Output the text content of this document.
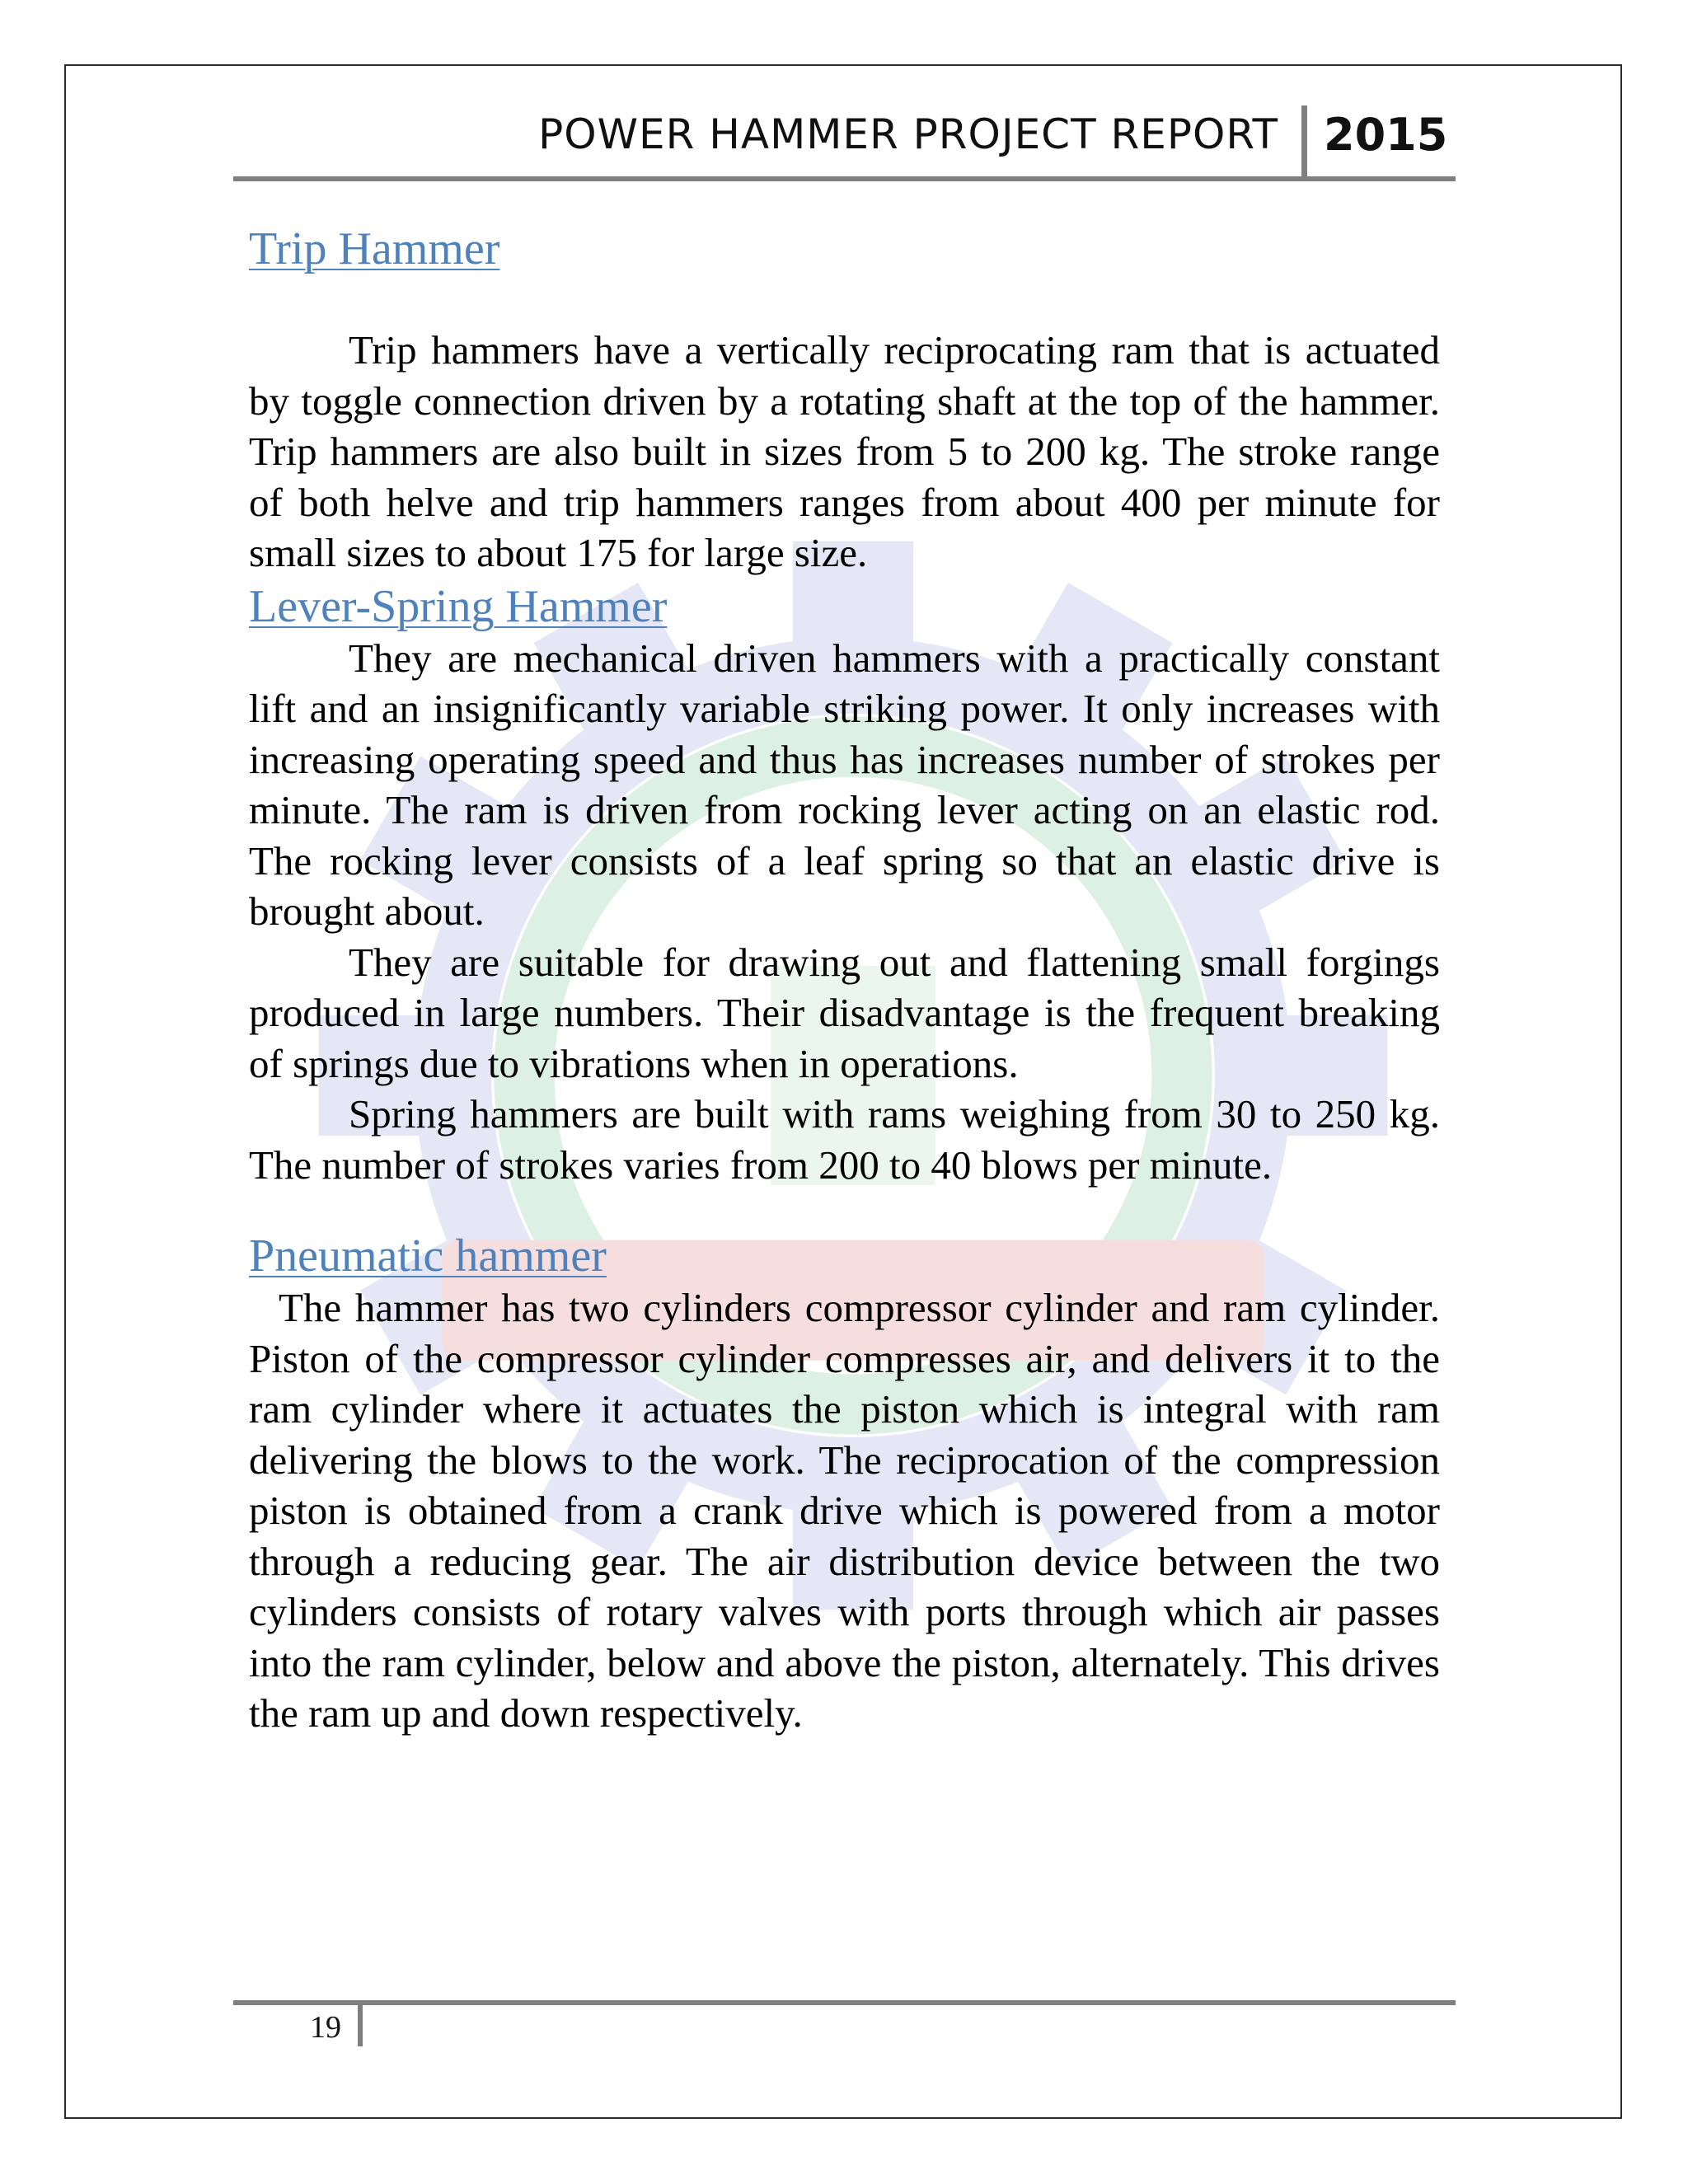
POWER HAMMER PROJECT REPORT 2015
Trip Hammer

Trip hammers have a vertically reciprocating ram that is actuated by toggle connection driven by a rotating shaft at the top of the hammer. Trip hammers are also built in sizes from 5 to 200 kg. The stroke range of both helve and trip hammers ranges from about 400 per minute for small sizes to about 175 for large size.

Lever-Spring Hammer

They are mechanical driven hammers with a practically constant lift and an insignificantly variable striking power. It only increases with increasing operating speed and thus has increases number of strokes per minute. The ram is driven from rocking lever acting on an elastic rod. The rocking lever consists of a leaf spring so that an elastic drive is brought about.

They are suitable for drawing out and flattening small forgings produced in large numbers. Their disadvantage is the frequent breaking of springs due to vibrations when in operations.

Spring hammers are built with rams weighing from 30 to 250 kg. The number of strokes varies from 200 to 40 blows per minute.

Pneumatic hammer

The hammer has two cylinders compressor cylinder and ram cylinder. Piston of the compressor cylinder compresses air, and delivers it to the ram cylinder where it actuates the piston which is integral with ram delivering the blows to the work. The reciprocation of the compression piston is obtained from a crank drive which is powered from a motor through a reducing gear. The air distribution device between the two cylinders consists of rotary valves with ports through which air passes into the ram cylinder, below and above the piston, alternately. This drives the ram up and down respectively.

19
